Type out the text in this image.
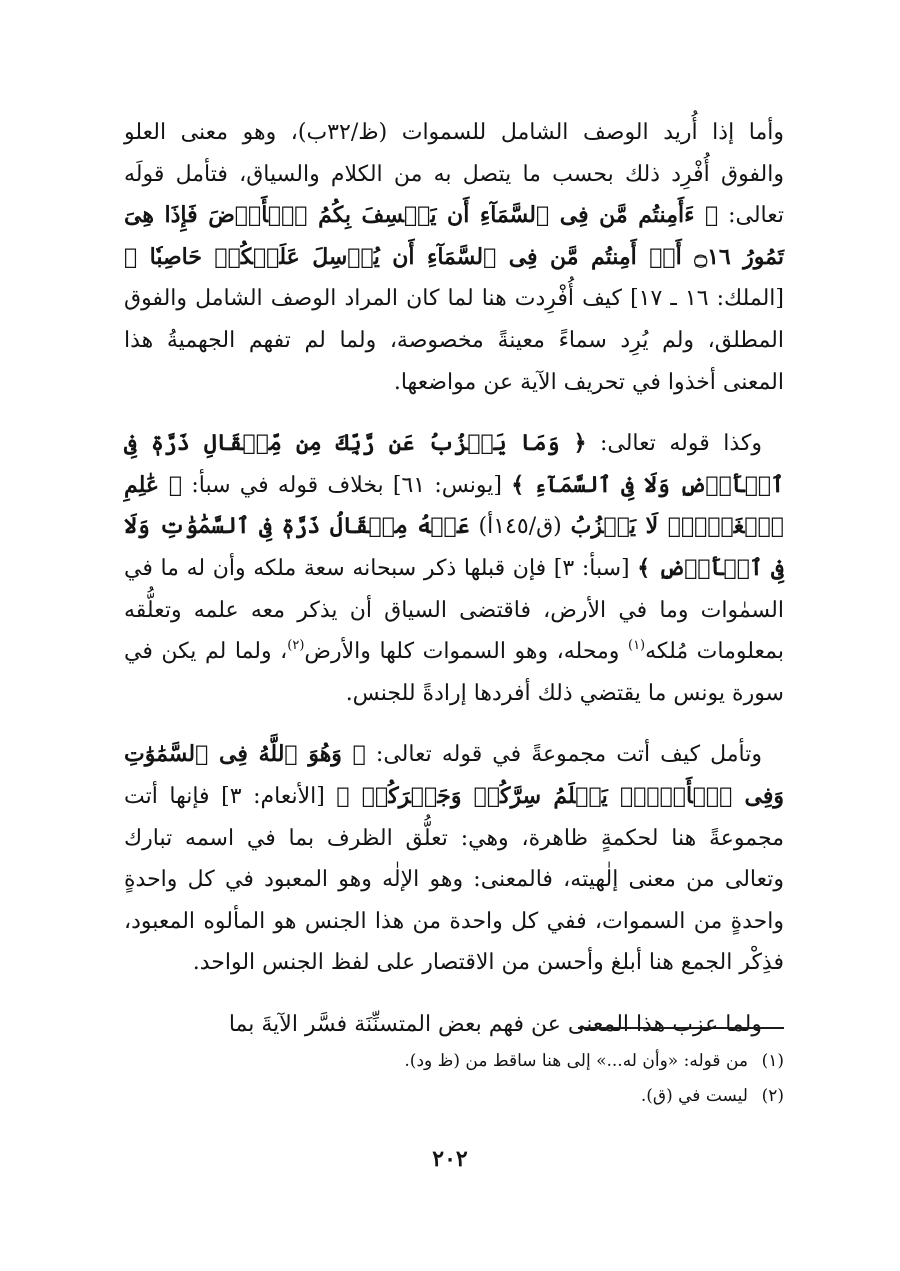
وأما إذا أُريد الوصف الشامل للسموات (ظ/٣٢ب)، وهو معنى العلو والفوق أُفْرِد ذلك بحسب ما يتصل به من الكلام والسياق، فتأمل قولَه تعالى: ﴿ ءَأَمِنتُم مَّن فِى ٱلسَّمَآءِ أَن يَخۡسِفَ بِكُمُ ٱلۡأَرۡضَ فَإِذَا هِىَ تَمُورُ ۝١٦ أَمۡ أَمِنتُم مَّن فِى ٱلسَّمَآءِ أَن يُرۡسِلَ عَلَيۡكُمۡ حَاصِبٗا ﴾ [الملك: ١٦ ـ ١٧] كيف أُفْرِدت هنا لما كان المراد الوصف الشامل والفوق المطلق، ولم يُرِد سماءً معينةً مخصوصة، ولما لم تفهم الجهميةُ هذا المعنى أخذوا في تحريف الآية عن مواضعها.

وكذا قوله تعالى: ﴿ وَمَا يَعۡزُبُ عَن رَّبِّكَ مِن مِّثۡقَالِ ذَرَّةٖ فِى ٱلۡأَرۡضِ وَلَا فِى ٱلسَّمَآءِ ﴾ [يونس: ٦١] بخلاف قوله في سبأ: ﴿ عَٰلِمِ ٱلۡغَيۡبِۖ لَا يَعۡزُبُ (ق/١٤٥أ) عَنۡهُ مِثۡقَالُ ذَرَّةٖ فِى ٱلسَّمَٰوَٰتِ وَلَا فِى ٱلۡأَرۡضِ ﴾ [سبأ: ٣] فإن قبلها ذكر سبحانه سعة ملكه وأن له ما في السمٰوات وما في الأرض، فاقتضى السياق أن يذكر معه علمه وتعلُّقه بمعلومات مُلكه$^{(١)}$ ومحله، وهو السموات كلها والأرض$^{(٢)}$، ولما لم يكن في سورة يونس ما يقتضي ذلك أفردها إرادةً للجنس.

وتأمل كيف أتت مجموعةً في قوله تعالى: ﴿ وَهُوَ ٱللَّهُ فِى ٱلسَّمَٰوَٰتِ وَفِى ٱلۡأَرۡضِۖ يَعۡلَمُ سِرَّكُمۡ وَجَهۡرَكُمۡ ﴾ [الأنعام: ٣] فإنها أتت مجموعةً هنا لحكمةٍ ظاهرة، وهي: تعلُّق الظرف بما في اسمه تبارك وتعالى من معنى إلٰهيته، فالمعنى: وهو الإلٰه وهو المعبود في كل واحدةٍ واحدةٍ من السموات، ففي كل واحدة من هذا الجنس هو المألوه المعبود، فذِكْر الجمع هنا أبلغ وأحسن من الاقتصار على لفظ الجنس الواحد.

ولما عزب هذا المعنى عن فهم بعض المتسنِّنَة فسَّر الآيةَ بما

(١)من قوله: «وأن له...» إلى هنا ساقط من (ظ ود).
(٢)ليست في (ق).
٢٠٢
